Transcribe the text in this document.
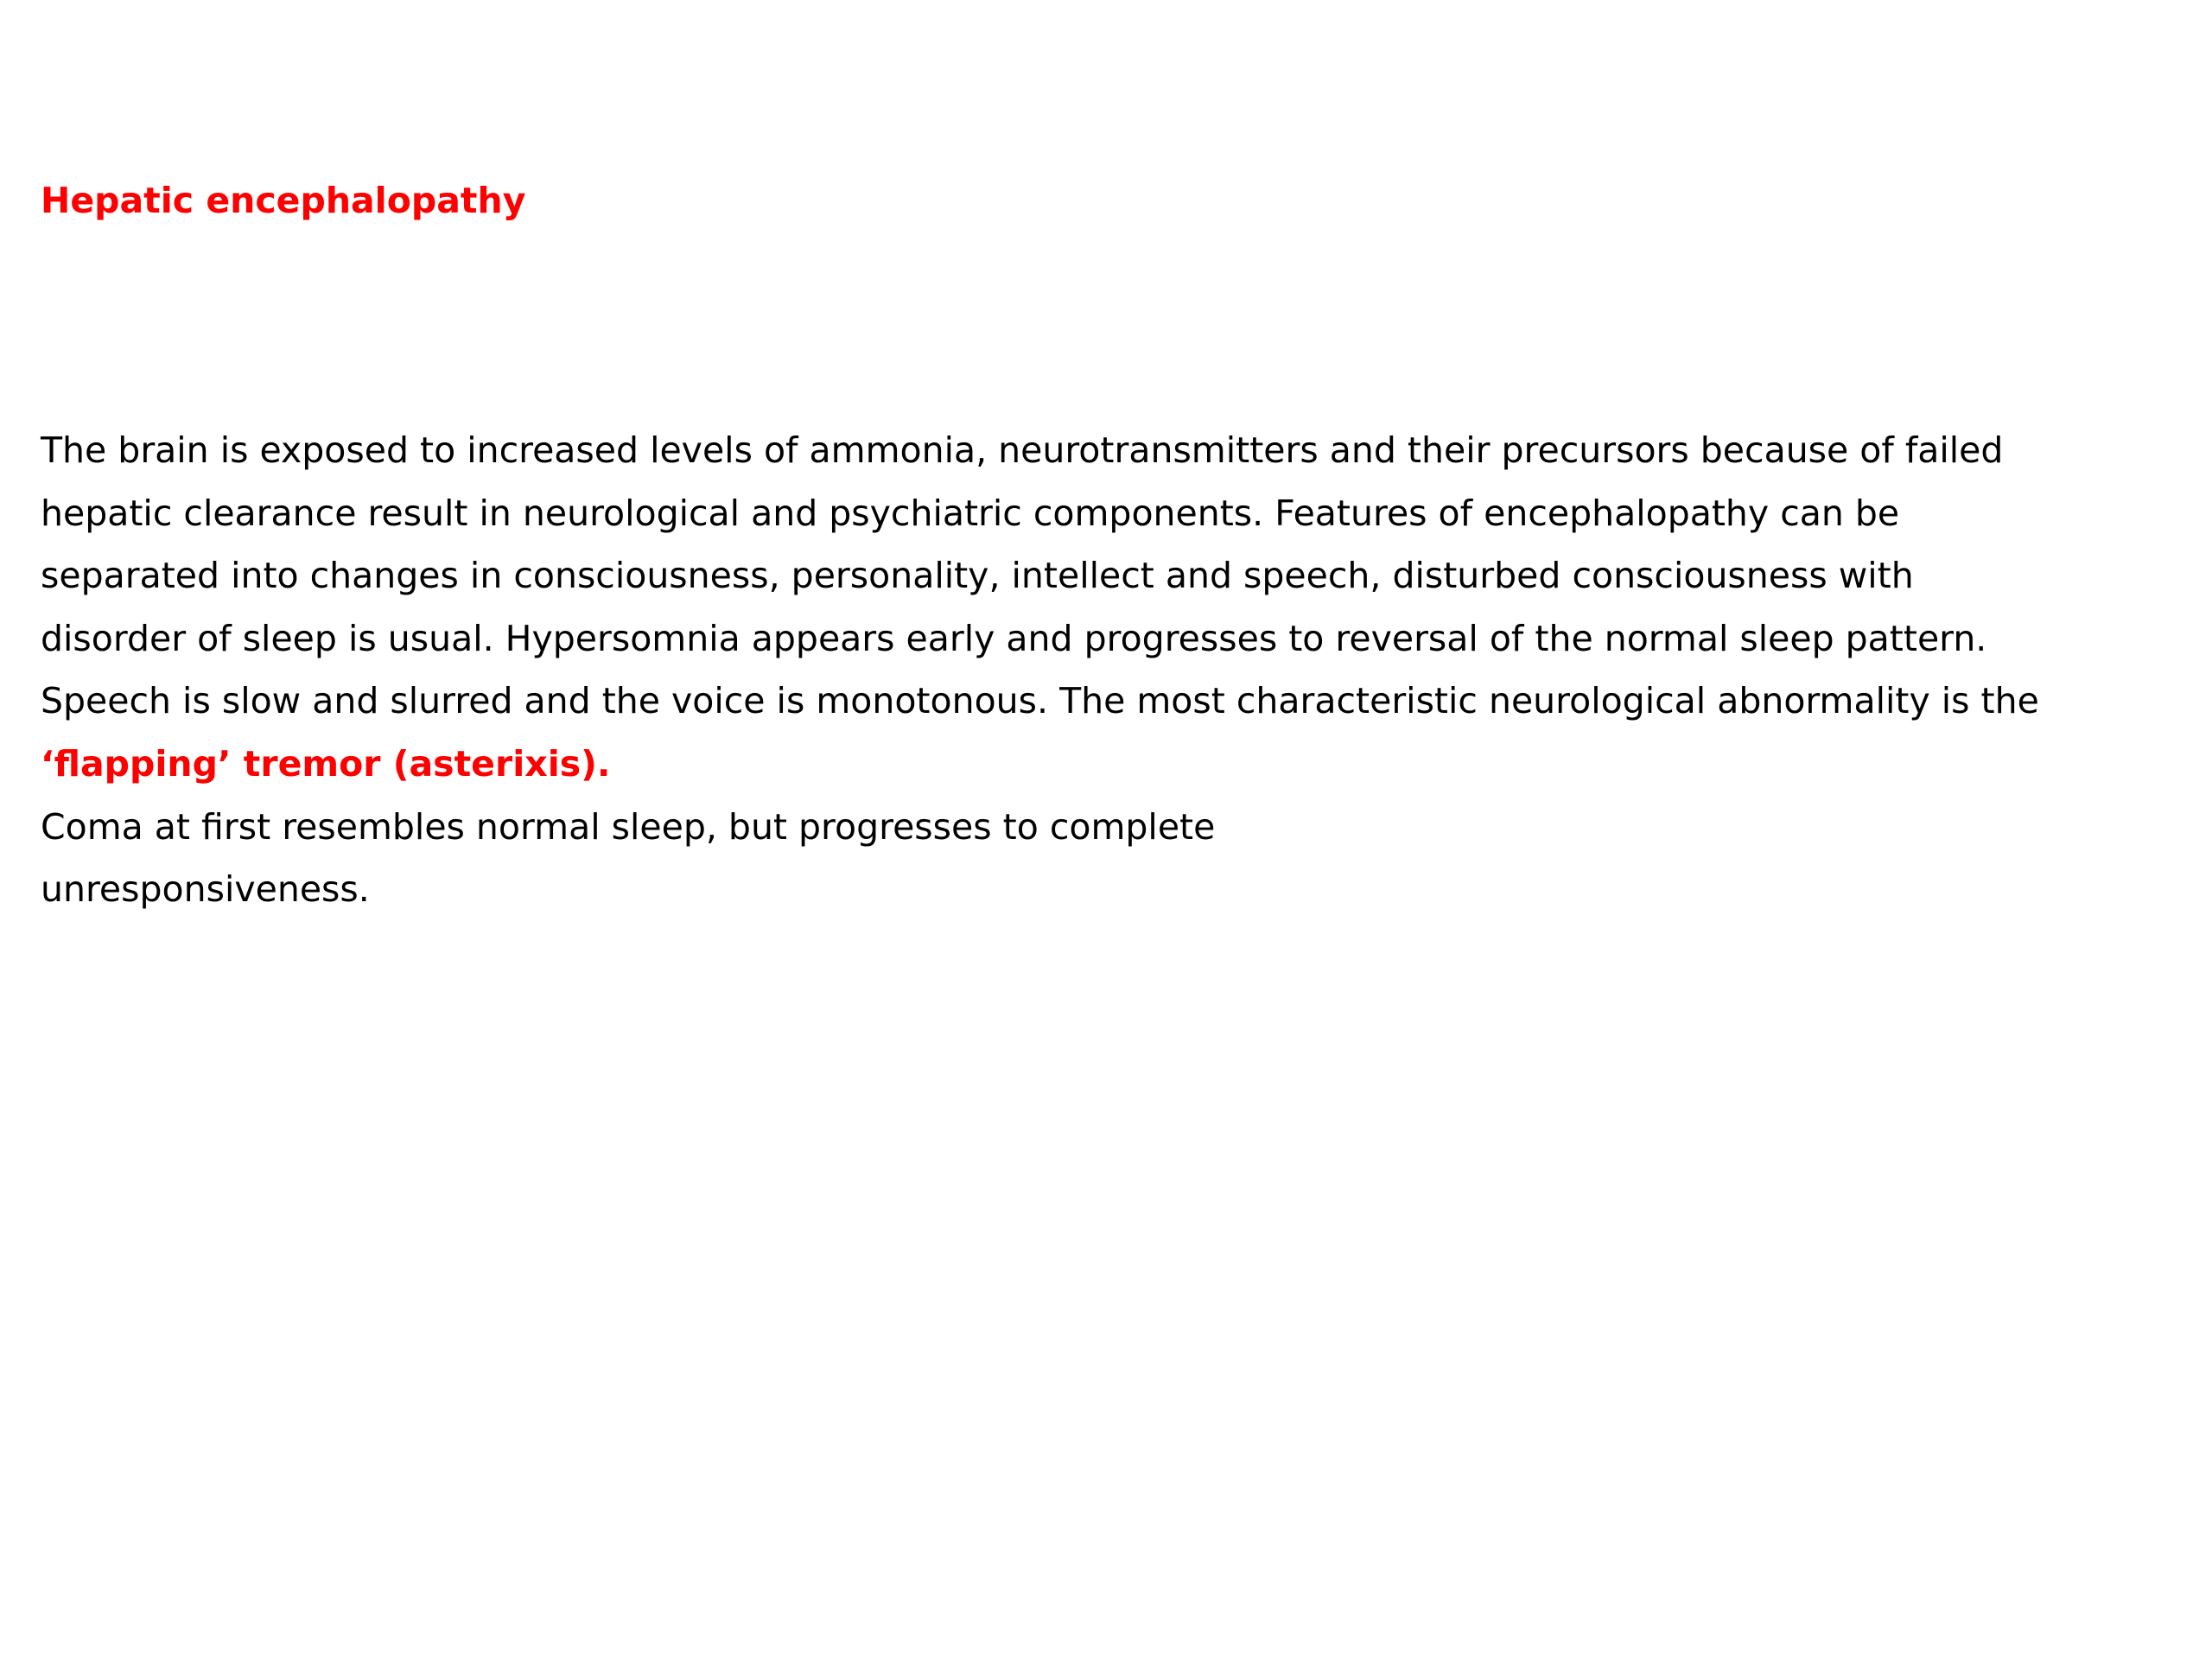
Hepatic encephalopathy
The brain is exposed to increased levels of ammonia, neurotransmitters and their precursors because of failed
hepatic clearance result in neurological and psychiatric components. Features of encephalopathy can be
separated into changes in consciousness, personality, intellect and speech, disturbed consciousness with
disorder of sleep is usual. Hypersomnia appears early and progresses to reversal of the normal sleep pattern.
Speech is slow and slurred and the voice is monotonous. The most characteristic neurological abnormality is the
‘flapping’ tremor (asterixis).
Coma at first resembles normal sleep, but progresses to complete
unresponsiveness.
